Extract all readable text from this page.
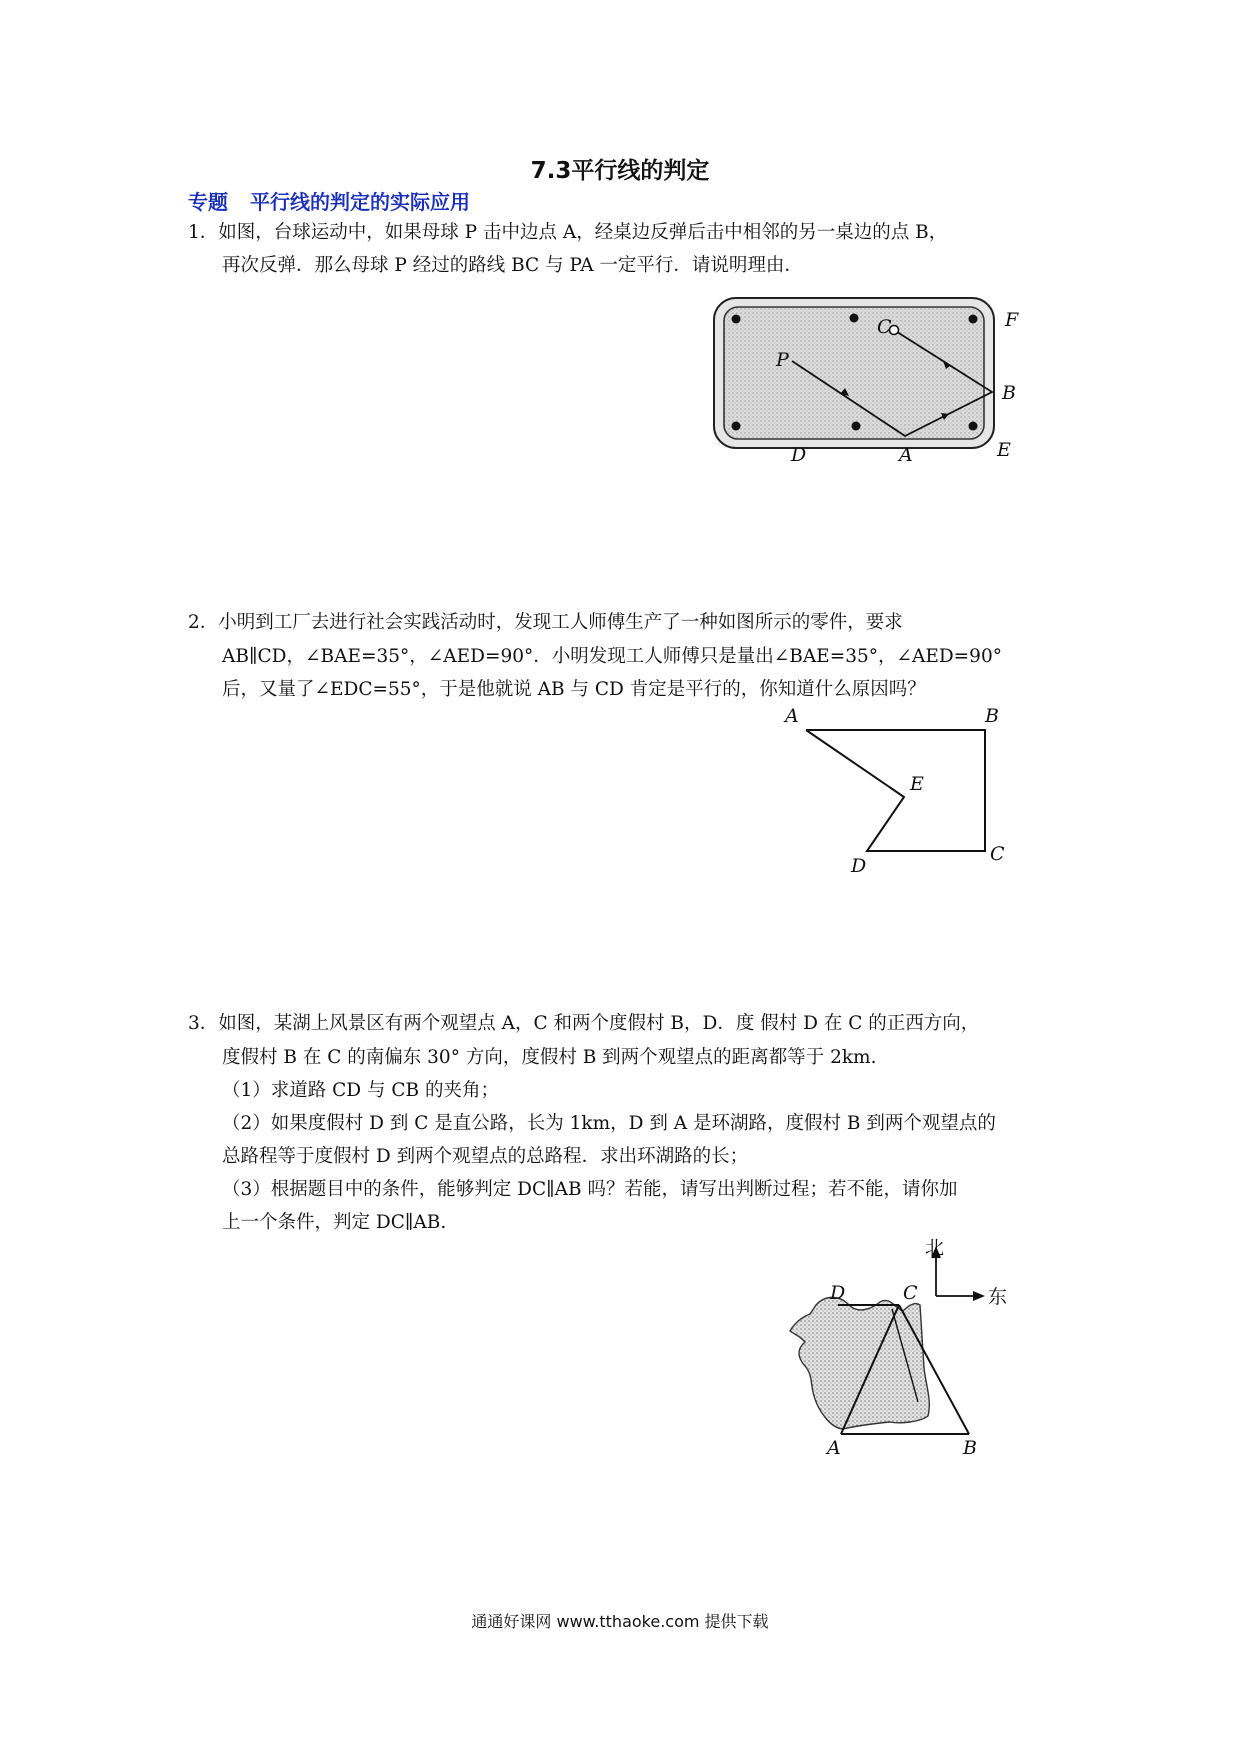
7.3平行线的判定
专题 平行线的判定的实际应用
1．如图，台球运动中，如果母球 P 击中边点 A，经桌边反弹后击中相邻的另一桌边的点 B，
再次反弹．那么母球 P 经过的路线 BC 与 PA 一定平行．请说明理由．
C	F
P
B
D	A	E
2．小明到工厂去进行社会实践活动时，发现工人师傅生产了一种如图所示的零件，要求
AB∥CD，∠BAE=35°，∠AED=90°．小明发现工人师傅只是量出∠BAE=35°，∠AED=90°
后，又量了∠EDC=55°，于是他就说 AB 与 CD 肯定是平行的，你知道什么原因吗？
A	B
E
D
C
3．如图，某湖上风景区有两个观望点 A，C 和两个度假村 B，D．度 假村 D 在 C 的正西方向，
度假村 B 在 C 的南偏东 30° 方向，度假村 B 到两个观望点的距离都等于 2km.
（1）求道路 CD 与 CB 的夹角；
（2）如果度假村 D 到 C 是直公路，长为 1km，D 到 A 是环湖路，度假村 B 到两个观望点的
总路程等于度假村 D 到两个观望点的总路程．求出环湖路的长；
（3）根据题目中的条件，能够判定 DC∥AB 吗？若能，请写出判断过程；若不能，请你加
上一个条件，判定 DC∥AB.
D	C
A	B
北
东
通通好课网 www.tthaoke.com 提供下载
